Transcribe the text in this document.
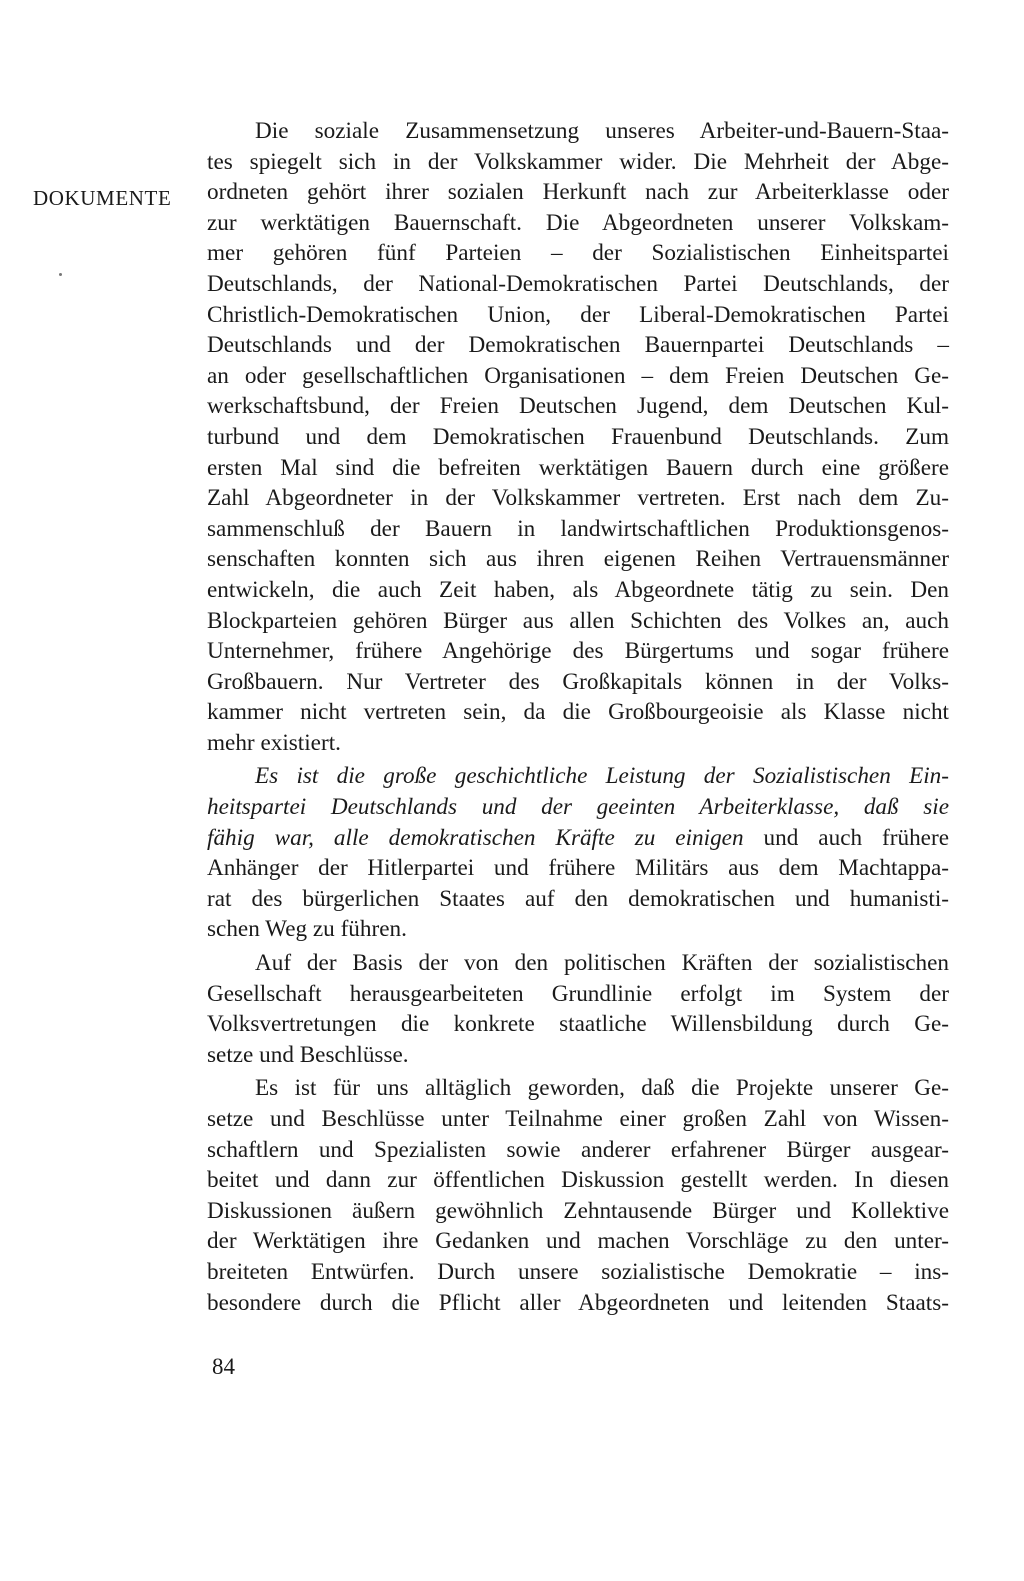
DOKUMENTE
Die soziale Zusammensetzung unseres Arbeiter-und-Bauern-Staa-
tes spiegelt sich in der Volkskammer wider. Die Mehrheit der Abge-
ordneten gehört ihrer sozialen Herkunft nach zur Arbeiterklasse oder
zur werktätigen Bauernschaft. Die Abgeordneten unserer Volkskam-
mer gehören fünf Parteien – der Sozialistischen Einheitspartei
Deutschlands, der National-Demokratischen Partei Deutschlands, der
Christlich-Demokratischen Union, der Liberal-Demokratischen Partei
Deutschlands und der Demokratischen Bauernpartei Deutschlands –
an oder gesellschaftlichen Organisationen – dem Freien Deutschen Ge-
werkschaftsbund, der Freien Deutschen Jugend, dem Deutschen Kul-
turbund und dem Demokratischen Frauenbund Deutschlands. Zum
ersten Mal sind die befreiten werktätigen Bauern durch eine größere
Zahl Abgeordneter in der Volkskammer vertreten. Erst nach dem Zu-
sammenschluß der Bauern in landwirtschaftlichen Produktionsgenos-
senschaften konnten sich aus ihren eigenen Reihen Vertrauensmänner
entwickeln, die auch Zeit haben, als Abgeordnete tätig zu sein. Den
Blockparteien gehören Bürger aus allen Schichten des Volkes an, auch
Unternehmer, frühere Angehörige des Bürgertums und sogar frühere
Großbauern. Nur Vertreter des Großkapitals können in der Volks-
kammer nicht vertreten sein, da die Großbourgeoisie als Klasse nicht
mehr existiert.
Es ist die große geschichtliche Leistung der Sozialistischen Ein-
heitspartei Deutschlands und der geeinten Arbeiterklasse, daß sie
fähig war, alle demokratischen Kräfte zu einigen und auch frühere
Anhänger der Hitlerpartei und frühere Militärs aus dem Machtappa-
rat des bürgerlichen Staates auf den demokratischen und humanisti-
schen Weg zu führen.
Auf der Basis der von den politischen Kräften der sozialistischen
Gesellschaft herausgearbeiteten Grundlinie erfolgt im System der
Volksvertretungen die konkrete staatliche Willensbildung durch Ge-
setze und Beschlüsse.
Es ist für uns alltäglich geworden, daß die Projekte unserer Ge-
setze und Beschlüsse unter Teilnahme einer großen Zahl von Wissen-
schaftlern und Spezialisten sowie anderer erfahrener Bürger ausgear-
beitet und dann zur öffentlichen Diskussion gestellt werden. In diesen
Diskussionen äußern gewöhnlich Zehntausende Bürger und Kollektive
der Werktätigen ihre Gedanken und machen Vorschläge zu den unter-
breiteten Entwürfen. Durch unsere sozialistische Demokratie – ins-
besondere durch die Pflicht aller Abgeordneten und leitenden Staats-
84
